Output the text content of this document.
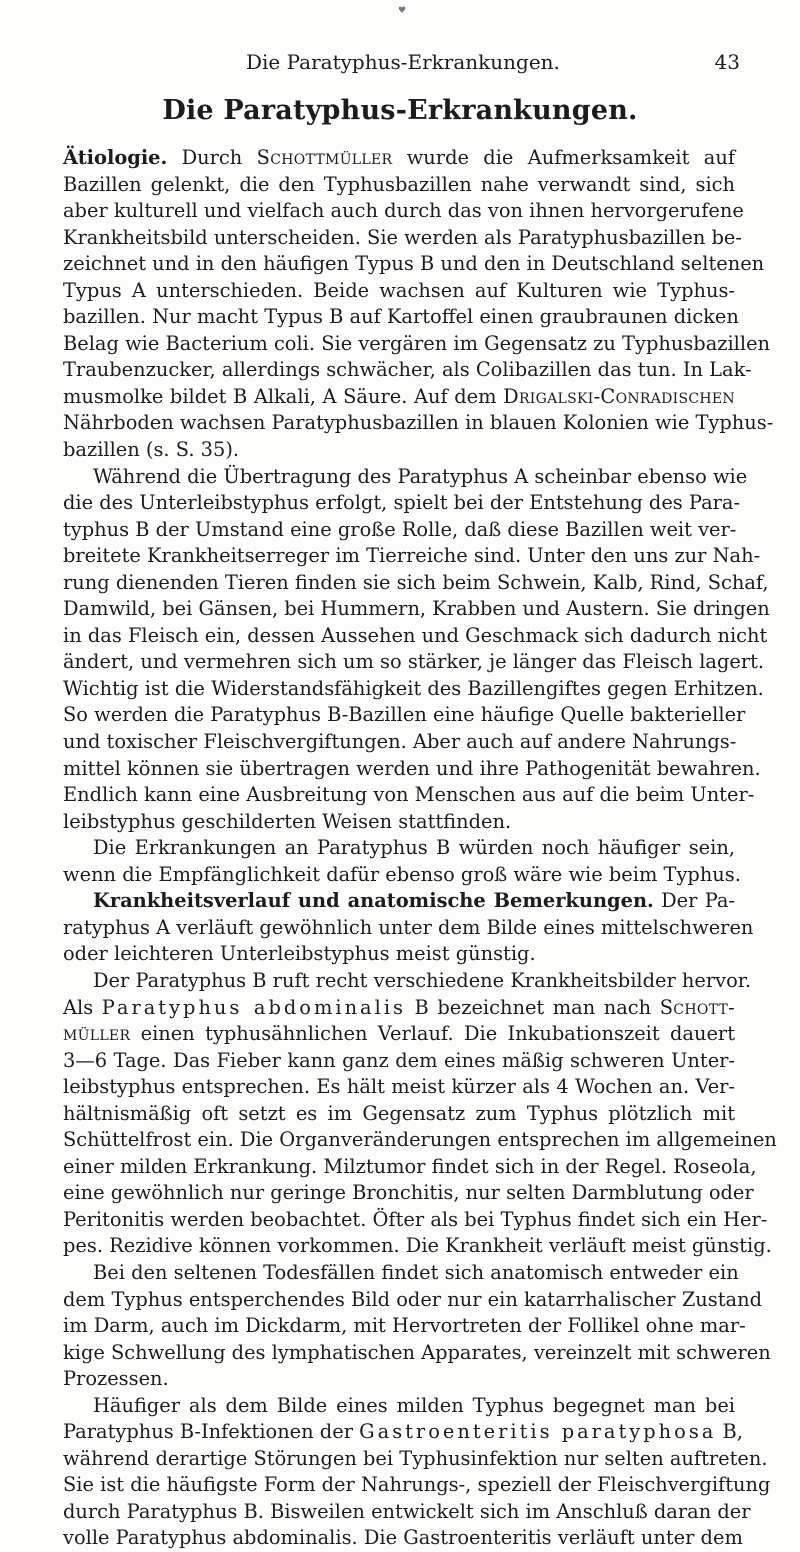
♥
Die Paratyphus-Erkrankungen.	43
Die Paratyphus-Erkrankungen.
Ätiologie. Durch Schottmüller wurde die Aufmerksamkeit auf
Bazillen gelenkt, die den Typhusbazillen nahe verwandt sind, sich
aber kulturell und vielfach auch durch das von ihnen hervorgerufene
Krankheitsbild unterscheiden. Sie werden als Paratyphusbazillen be-
zeichnet und in den häufigen Typus B und den in Deutschland seltenen
Typus A unterschieden. Beide wachsen auf Kulturen wie Typhus-
bazillen. Nur macht Typus B auf Kartoffel einen graubraunen dicken
Belag wie Bacterium coli. Sie vergären im Gegensatz zu Typhusbazillen
Traubenzucker, allerdings schwächer, als Colibazillen das tun. In Lak-
musmolke bildet B Alkali, A Säure. Auf dem Drigalski-Conradischen
Nährboden wachsen Paratyphusbazillen in blauen Kolonien wie Typhus-
bazillen (s. S. 35).
Während die Übertragung des Paratyphus A scheinbar ebenso wie
die des Unterleibstyphus erfolgt, spielt bei der Entstehung des Para-
typhus B der Umstand eine große Rolle, daß diese Bazillen weit ver-
breitete Krankheitserreger im Tierreiche sind. Unter den uns zur Nah-
rung dienenden Tieren finden sie sich beim Schwein, Kalb, Rind, Schaf,
Damwild, bei Gänsen, bei Hummern, Krabben und Austern. Sie dringen
in das Fleisch ein, dessen Aussehen und Geschmack sich dadurch nicht
ändert, und vermehren sich um so stärker, je länger das Fleisch lagert.
Wichtig ist die Widerstandsfähigkeit des Bazillengiftes gegen Erhitzen.
So werden die Paratyphus B-Bazillen eine häufige Quelle bakterieller
und toxischer Fleischvergiftungen. Aber auch auf andere Nahrungs-
mittel können sie übertragen werden und ihre Pathogenität bewahren.
Endlich kann eine Ausbreitung von Menschen aus auf die beim Unter-
leibstyphus geschilderten Weisen stattfinden.
Die Erkrankungen an Paratyphus B würden noch häufiger sein,
wenn die Empfänglichkeit dafür ebenso groß wäre wie beim Typhus.
Krankheitsverlauf und anatomische Bemerkungen. Der Pa-
ratyphus A verläuft gewöhnlich unter dem Bilde eines mittelschweren
oder leichteren Unterleibstyphus meist günstig.
Der Paratyphus B ruft recht verschiedene Krankheitsbilder hervor.
Als Paratyphus abdominalis B bezeichnet man nach Schott-
müller einen typhusähnlichen Verlauf. Die Inkubationszeit dauert
3—6 Tage. Das Fieber kann ganz dem eines mäßig schweren Unter-
leibstyphus entsprechen. Es hält meist kürzer als 4 Wochen an. Ver-
hältnismäßig oft setzt es im Gegensatz zum Typhus plötzlich mit
Schüttelfrost ein. Die Organveränderungen entsprechen im allgemeinen
einer milden Erkrankung. Milztumor findet sich in der Regel. Roseola,
eine gewöhnlich nur geringe Bronchitis, nur selten Darmblutung oder
Peritonitis werden beobachtet. Öfter als bei Typhus findet sich ein Her-
pes. Rezidive können vorkommen. Die Krankheit verläuft meist günstig.
Bei den seltenen Todesfällen findet sich anatomisch entweder ein
dem Typhus entsperchendes Bild oder nur ein katarrhalischer Zustand
im Darm, auch im Dickdarm, mit Hervortreten der Follikel ohne mar-
kige Schwellung des lymphatischen Apparates, vereinzelt mit schweren
Prozessen.
Häufiger als dem Bilde eines milden Typhus begegnet man bei
Paratyphus B-Infektionen der Gastroenteritis paratyphosa B,
während derartige Störungen bei Typhusinfektion nur selten auftreten.
Sie ist die häufigste Form der Nahrungs-, speziell der Fleischvergiftung
durch Paratyphus B. Bisweilen entwickelt sich im Anschluß daran der
volle Paratyphus abdominalis. Die Gastroenteritis verläuft unter dem
